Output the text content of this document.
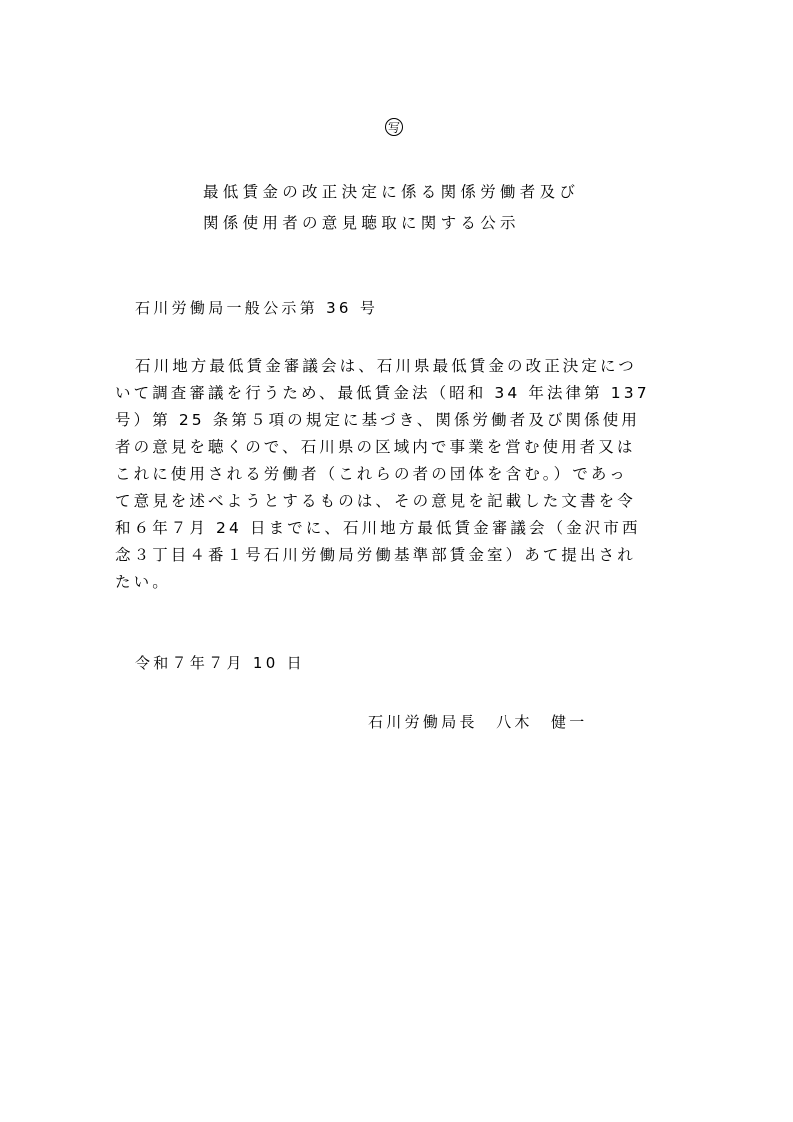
写
最低賃金の改正決定に係る関係労働者及び
関係使用者の意見聴取に関する公示
石川労働局一般公示第 36 号
石川地方最低賃金審議会は、石川県最低賃金の改正決定につ
いて調査審議を行うため、最低賃金法（昭和 34 年法律第 137
号）第 25 条第５項の規定に基づき、関係労働者及び関係使用
者の意見を聴くので、石川県の区域内で事業を営む使用者又は
これに使用される労働者（これらの者の団体を含む。）であっ
て意見を述べようとするものは、その意見を記載した文書を令
和６年７月 24 日までに、石川地方最低賃金審議会（金沢市西
念３丁目４番１号石川労働局労働基準部賃金室）あて提出され
たい。
令和７年７月 10 日
石川労働局長　八木　健一
